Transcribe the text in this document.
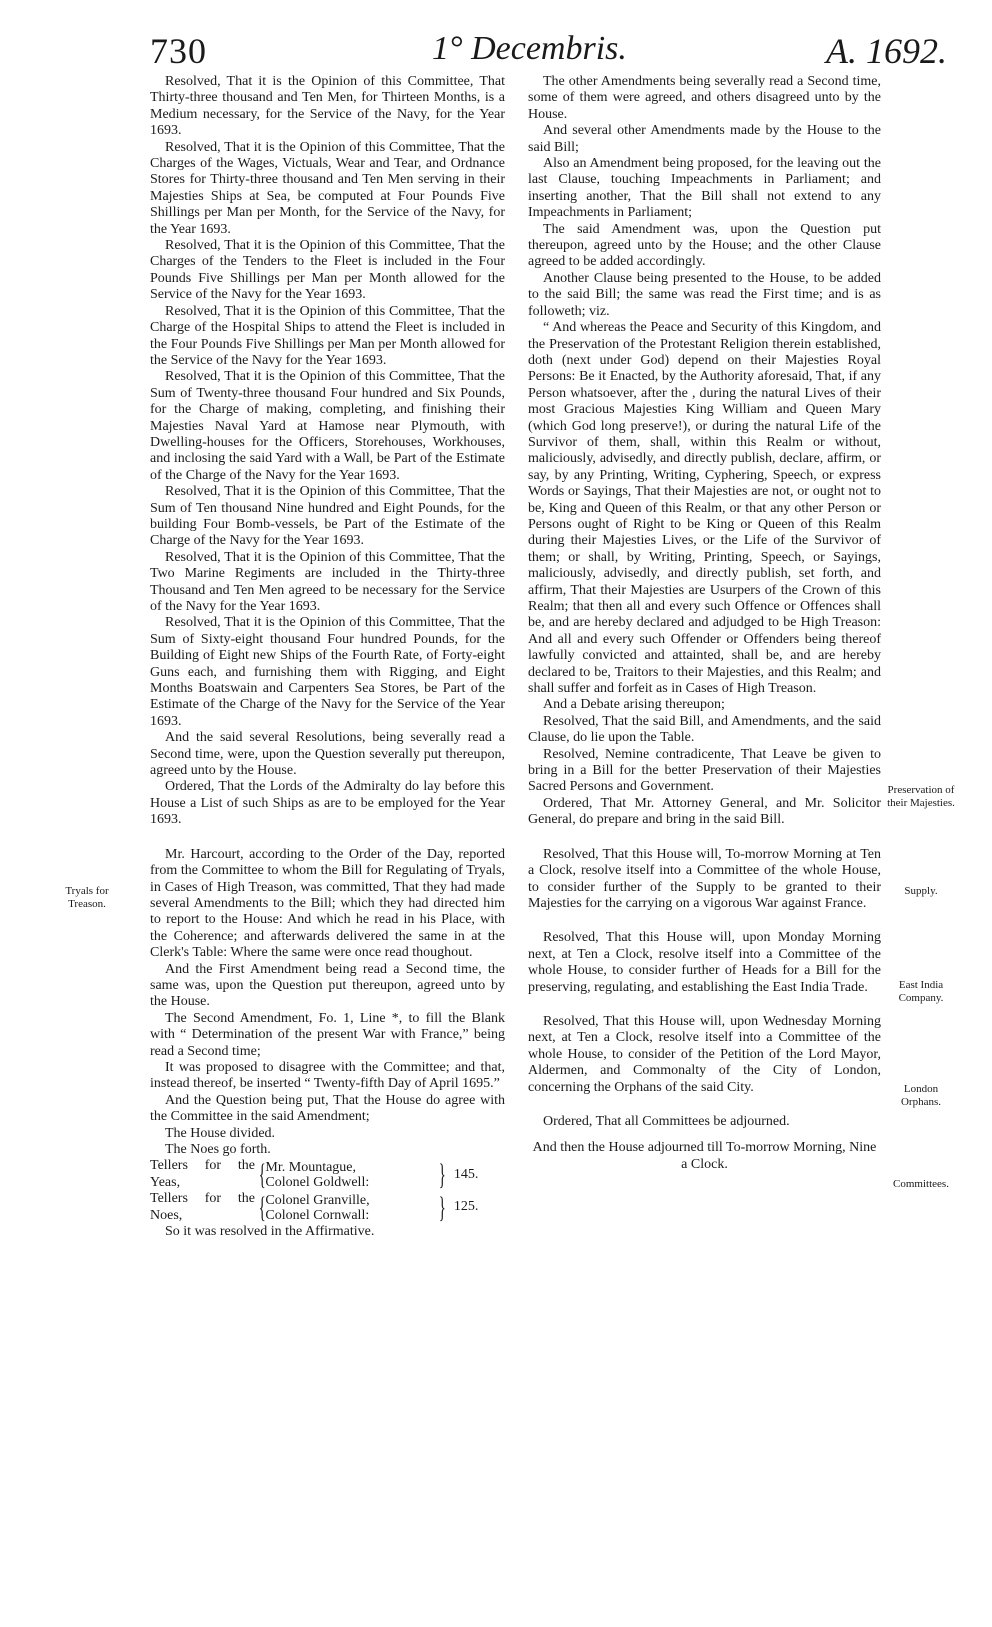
730	1° Decembris.	A. 1692.

Resolved, That it is the Opinion of this Committee, That Thirty-three thousand and Ten Men, for Thirteen Months, is a Medium necessary, for the Service of the Navy, for the Year 1693.

Resolved, That it is the Opinion of this Committee, That the Charges of the Wages, Victuals, Wear and Tear, and Ordnance Stores for Thirty-three thousand and Ten Men serving in their Majesties Ships at Sea, be computed at Four Pounds Five Shillings per Man per Month, for the Service of the Navy, for the Year 1693.

Resolved, That it is the Opinion of this Committee, That the Charges of the Tenders to the Fleet is included in the Four Pounds Five Shillings per Man per Month allowed for the Service of the Navy for the Year 1693.

Resolved, That it is the Opinion of this Committee, That the Charge of the Hospital Ships to attend the Fleet is included in the Four Pounds Five Shillings per Man per Month allowed for the Service of the Navy for the Year 1693.

Resolved, That it is the Opinion of this Committee, That the Sum of Twenty-three thousand Four hundred and Six Pounds, for the Charge of making, completing, and finishing their Majesties Naval Yard at Hamose near Plymouth, with Dwelling-houses for the Officers, Storehouses, Workhouses, and inclosing the said Yard with a Wall, be Part of the Estimate of the Charge of the Navy for the Year 1693.

Resolved, That it is the Opinion of this Committee, That the Sum of Ten thousand Nine hundred and Eight Pounds, for the building Four Bomb-vessels, be Part of the Estimate of the Charge of the Navy for the Year 1693.

Resolved, That it is the Opinion of this Committee, That the Two Marine Regiments are included in the Thirty-three Thousand and Ten Men agreed to be necessary for the Service of the Navy for the Year 1693.

Resolved, That it is the Opinion of this Committee, That the Sum of Sixty-eight thousand Four hundred Pounds, for the Building of Eight new Ships of the Fourth Rate, of Forty-eight Guns each, and furnishing them with Rigging, and Eight Months Boatswain and Carpenters Sea Stores, be Part of the Estimate of the Charge of the Navy for the Service of the Year 1693.

And the said several Resolutions, being severally read a Second time, were, upon the Question severally put thereupon, agreed unto by the House.

Ordered, That the Lords of the Admiralty do lay before this House a List of such Ships as are to be employed for the Year 1693.

Mr. Harcourt, according to the Order of the Day, reported from the Committee to whom the Bill for Regulating of Tryals, in Cases of High Treason, was committed, That they had made several Amendments to the Bill; which they had directed him to report to the House: And which he read in his Place, with the Coherence; and afterwards delivered the same in at the Clerk's Table: Where the same were once read thoughout.

And the First Amendment being read a Second time, the same was, upon the Question put thereupon, agreed unto by the House.

The Second Amendment, Fo. 1, Line *, to fill the Blank with “ Determination of the present War with France,” being read a Second time;

It was proposed to disagree with the Committee; and that, instead thereof, be inserted “ Twenty-fifth Day of April 1695.”

And the Question being put, That the House do agree with the Committee in the said Amendment;

The House divided.

The Noes go forth.

Tellers for the Yeas,	{ Mr. Mountague,
Colonel Goldwell:	} 145.
Tellers for the Noes,	{ Colonel Granville,
Colonel Cornwall:	} 125.

So it was resolved in the Affirmative.

The other Amendments being severally read a Second time, some of them were agreed, and others disagreed unto by the House.

And several other Amendments made by the House to the said Bill;

Also an Amendment being proposed, for the leaving out the last Clause, touching Impeachments in Parliament; and inserting another, That the Bill shall not extend to any Impeachments in Parliament;

The said Amendment was, upon the Question put thereupon, agreed unto by the House; and the other Clause agreed to be added accordingly.

Another Clause being presented to the House, to be added to the said Bill; the same was read the First time; and is as followeth; viz.

“ And whereas the Peace and Security of this Kingdom, and the Preservation of the Protestant Religion therein established, doth (next under God) depend on their Majesties Royal Persons: Be it Enacted, by the Authority aforesaid, That, if any Person whatsoever, after the , during the natural Lives of their most Gracious Majesties King William and Queen Mary (which God long preserve!), or during the natural Life of the Survivor of them, shall, within this Realm or without, maliciously, advisedly, and directly publish, declare, affirm, or say, by any Printing, Writing, Cyphering, Speech, or express Words or Sayings, That their Majesties are not, or ought not to be, King and Queen of this Realm, or that any other Person or Persons ought of Right to be King or Queen of this Realm during their Majesties Lives, or the Life of the Survivor of them; or shall, by Writing, Printing, Speech, or Sayings, maliciously, advisedly, and directly publish, set forth, and affirm, That their Majesties are Usurpers of the Crown of this Realm; that then all and every such Offence or Offences shall be, and are hereby declared and adjudged to be High Treason: And all and every such Offender or Offenders being thereof lawfully convicted and attainted, shall be, and are hereby declared to be, Traitors to their Majesties, and this Realm; and shall suffer and forfeit as in Cases of High Treason.

And a Debate arising thereupon;

Resolved, That the said Bill, and Amendments, and the said Clause, do lie upon the Table.

Resolved, Nemine contradicente, That Leave be given to bring in a Bill for the better Preservation of their Majesties Sacred Persons and Government.

Ordered, That Mr. Attorney General, and Mr. Solicitor General, do prepare and bring in the said Bill.

Resolved, That this House will, To-morrow Morning at Ten a Clock, resolve itself into a Committee of the whole House, to consider further of the Supply to be granted to their Majesties for the carrying on a vigorous War against France.

Resolved, That this House will, upon Monday Morning next, at Ten a Clock, resolve itself into a Committee of the whole House, to consider further of Heads for a Bill for the preserving, regulating, and establishing the East India Trade.

Resolved, That this House will, upon Wednesday Morning next, at Ten a Clock, resolve itself into a Committee of the whole House, to consider of the Petition of the Lord Mayor, Aldermen, and Commonalty of the City of London, concerning the Orphans of the said City.

Ordered, That all Committees be adjourned.

And then the House adjourned till To-morrow Morning, Nine a Clock.

Tryals for Treason.
Preservation of their Majesties.
Supply.
East India Company.
London Orphans.
Committees.
